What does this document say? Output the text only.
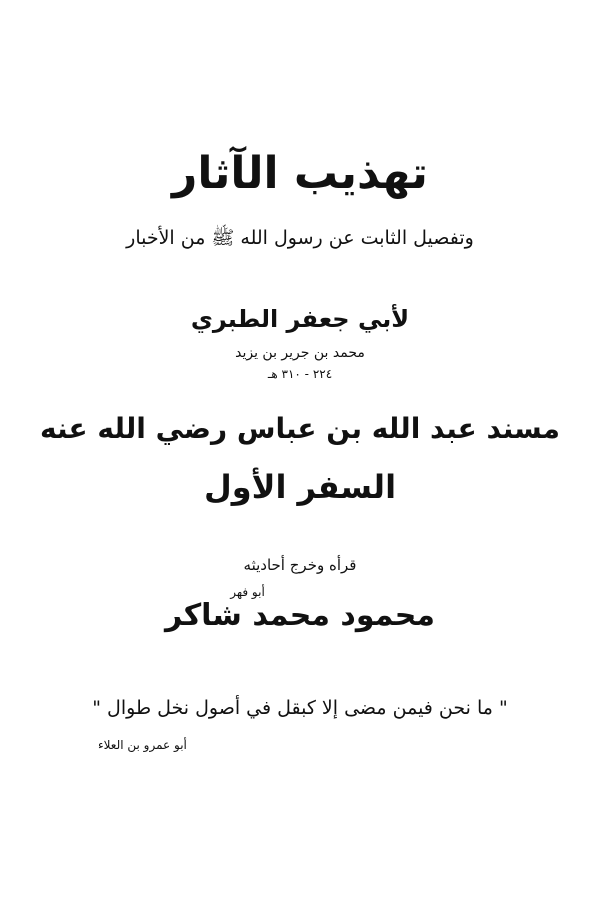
تهذيب الآثار
وتفصيل الثابت عن رسول الله ﷺ من الأخبار
لأبي جعفر الطبري
محمد بن جرير بن يزيد
٢٢٤ - ٣١٠ هـ
مسند عبد الله بن عباس رضي الله عنه
السفر الأول
قرأه وخرج أحاديثه
أبو فهر
محمود محمد شاكر
" ما نحن فيمن مضى إلا كبقل في أصول نخل طوال "
أبو عمرو بن العلاء
